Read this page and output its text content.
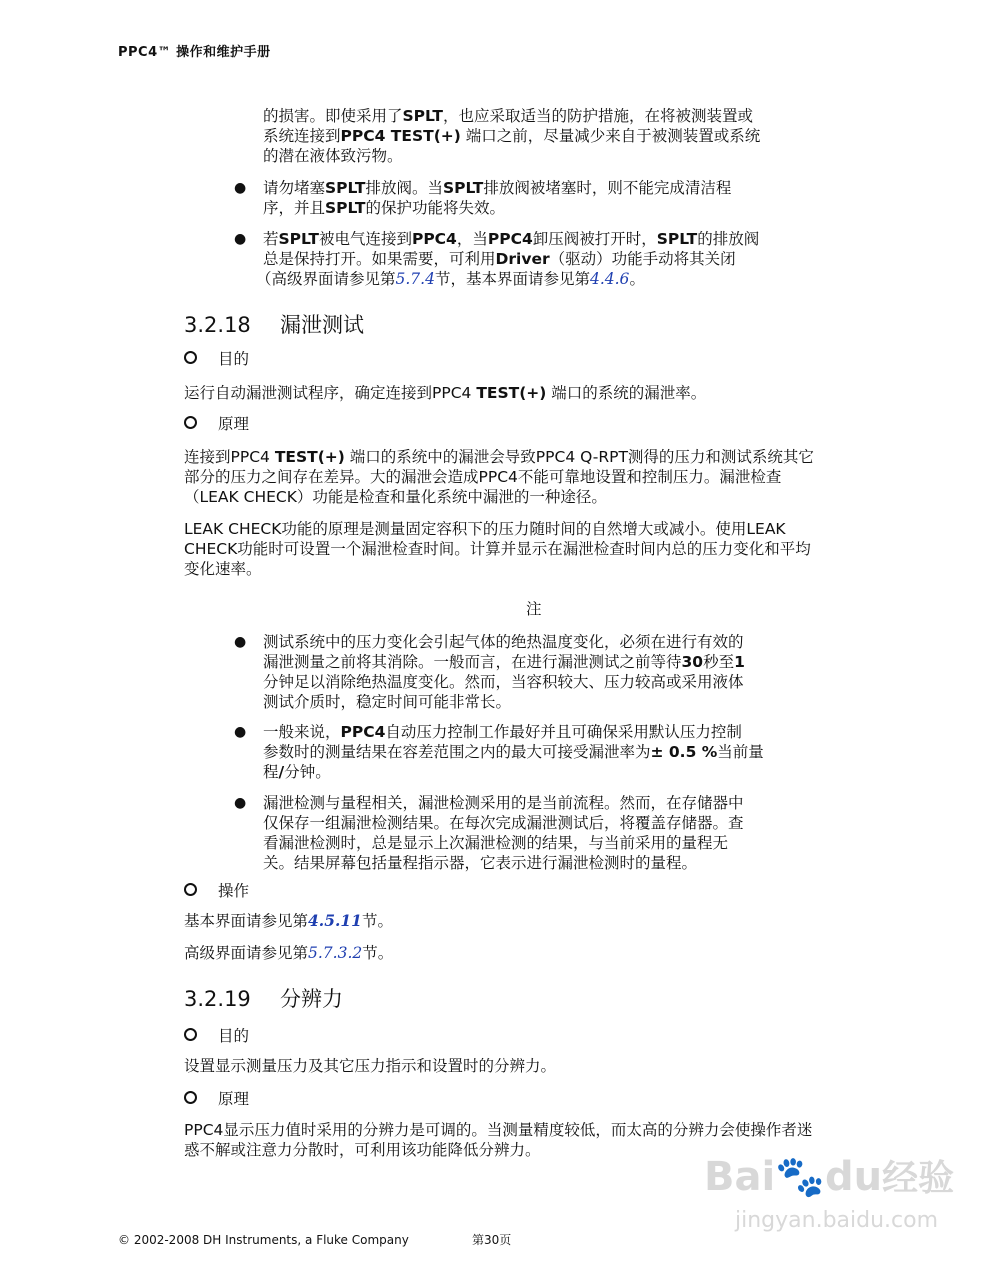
PPC4™ 操作和维护手册
的损害。即使采用了SPLT，也应采取适当的防护措施，在将被测装置或
系统连接到PPC4 TEST(+) 端口之前，尽量减少来自于被测装置或系统
的潜在液体致污物。
● 请勿堵塞SPLT排放阀。当SPLT排放阀被堵塞时，则不能完成清洁程
序，并且SPLT的保护功能将失效。
● 若SPLT被电气连接到PPC4，当PPC4卸压阀被打开时，SPLT的排放阀
总是保持打开。如果需要，可利用Driver（驱动）功能手动将其关闭
（高级界面请参见第5.7.4节，基本界面请参见第4.4.6。
3.2.18 漏泄测试
目的
运行自动漏泄测试程序，确定连接到PPC4 TEST(+) 端口的系统的漏泄率。
原理
连接到PPC4 TEST(+) 端口的系统中的漏泄会导致PPC4 Q-RPT测得的压力和测试系统其它
部分的压力之间存在差异。大的漏泄会造成PPC4不能可靠地设置和控制压力。漏泄检查
（LEAK CHECK）功能是检查和量化系统中漏泄的一种途径。
LEAK CHECK功能的原理是测量固定容积下的压力随时间的自然增大或减小。使用LEAK
CHECK功能时可设置一个漏泄检查时间。计算并显示在漏泄检查时间内总的压力变化和平均
变化速率。
注
● 测试系统中的压力变化会引起气体的绝热温度变化，必须在进行有效的
漏泄测量之前将其消除。一般而言，在进行漏泄测试之前等待30秒至1
分钟足以消除绝热温度变化。然而，当容积较大、压力较高或采用液体
测试介质时，稳定时间可能非常长。
● 一般来说，PPC4自动压力控制工作最好并且可确保采用默认压力控制
参数时的测量结果在容差范围之内的最大可接受漏泄率为± 0.5 %当前量
程/分钟。
● 漏泄检测与量程相关，漏泄检测采用的是当前流程。然而，在存储器中
仅保存一组漏泄检测结果。在每次完成漏泄测试后，将覆盖存储器。查
看漏泄检测时，总是显示上次漏泄检测的结果，与当前采用的量程无
关。结果屏幕包括量程指示器，它表示进行漏泄检测时的量程。
操作
基本界面请参见第4.5.11节。
高级界面请参见第5.7.3.2节。
3.2.19 分辨力
目的
设置显示测量压力及其它压力指示和设置时的分辨力。
原理
PPC4显示压力值时采用的分辨力是可调的。当测量精度较低，而太高的分辨力会使操作者迷
惑不解或注意力分散时，可利用该功能降低分辨力。
Bai🐾du经验
jingyan.baidu.com
© 2002-2008 DH Instruments, a Fluke Company	第30页
